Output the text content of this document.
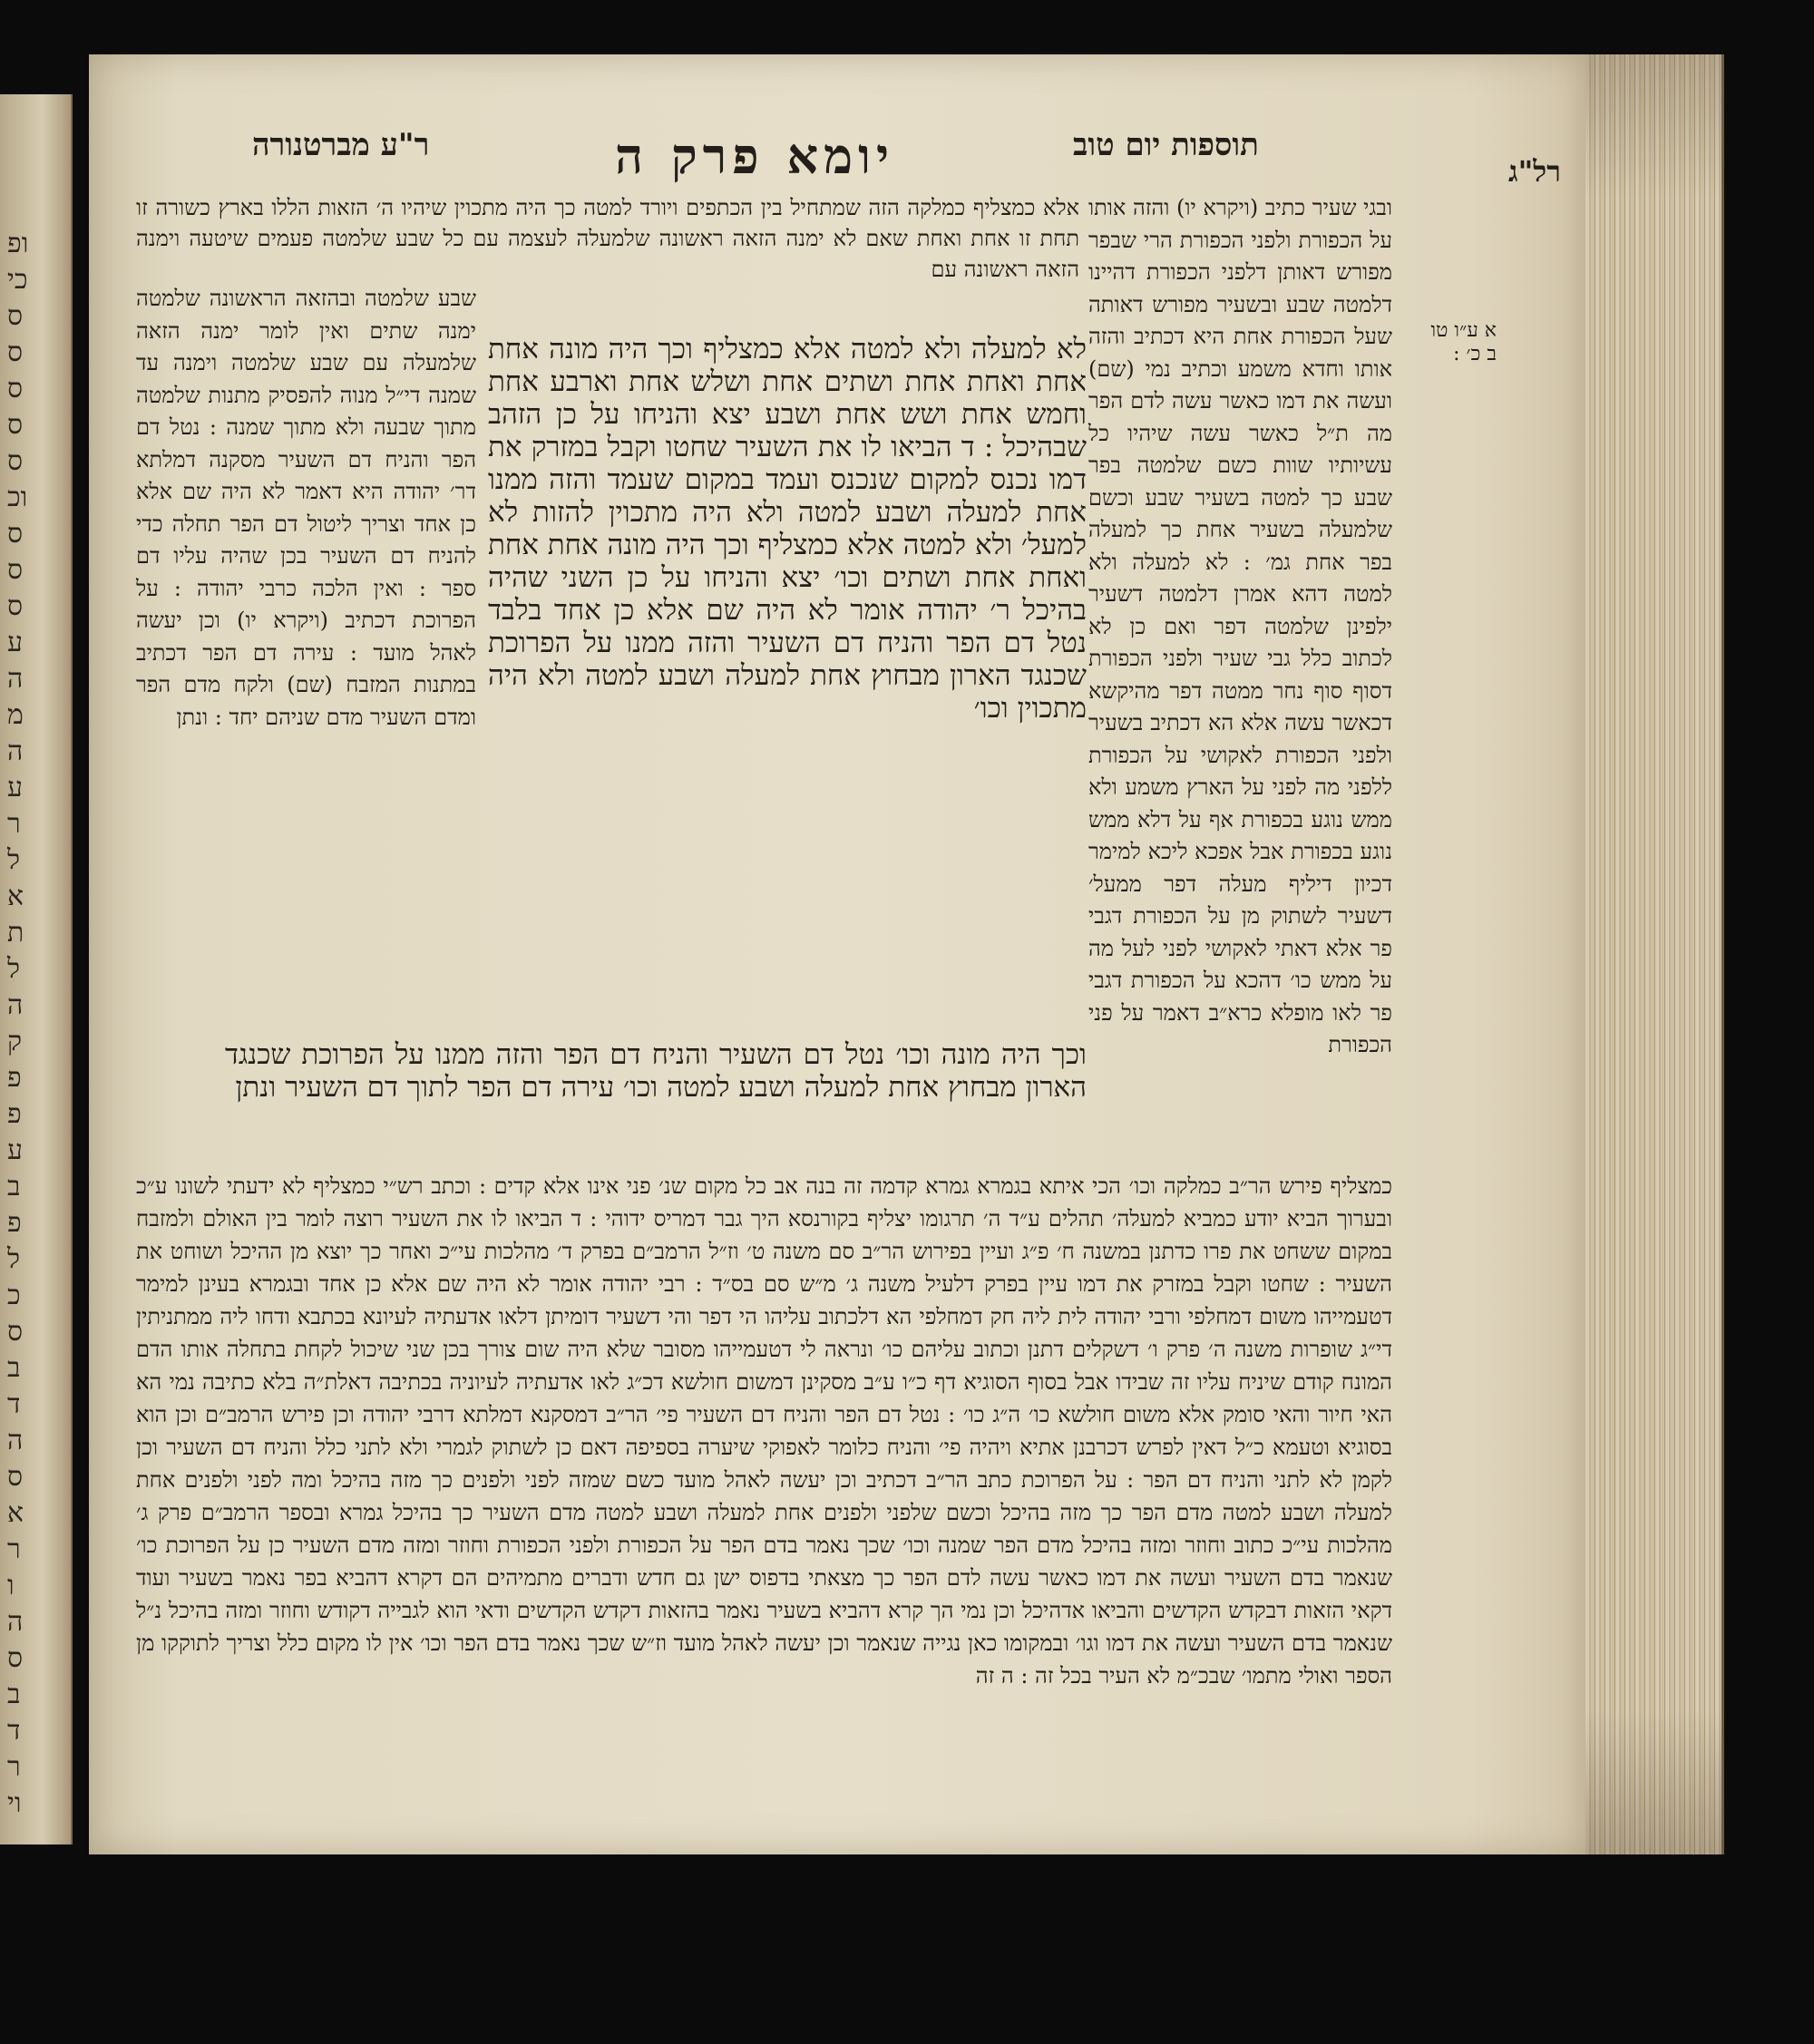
ופ
כי
ס
ס
ס
ס
ס
וכ
ס
ס
ס
ע
ה
מ
ה
ע
ר
ל
א
ת
ל
ה
ק
פ
פ
ע
ב
פ
ל
כ
ס
ב
ד
ה
ס
א
ר
ו
ה
ס
ב
ד
ר
וי
תוספות יום טוב
יומא פרק ה
ר"ע מברטנורה
רל"ג
א ע״ו טו ב כ׳ :

ובגי שעיר כתיב (ויקרא יו) והזה אותו על הכפורת ולפני הכפורת הרי שבפר מפורש דאותן דלפני הכפורת דהיינו דלמטה שבע ובשעיר מפורש דאותה שעל הכפורת אחת היא דכתיב והזה אותו וחדא משמע וכתיב נמי (שם) ועשה את דמו כאשר עשה לדם הפר מה ת״ל כאשר עשה שיהיו כל עשיותיו שוות כשם שלמטה בפר שבע כך למטה בשעיר שבע וכשם שלמעלה בשעיר אחת כך למעלה בפר אחת גמ׳ : לא למעלה ולא למטה דהא אמרן דלמטה דשעיר ילפינן שלמטה דפר ואם כן לא לכתוב כלל גבי שעיר ולפני הכפורת דסוף סוף נחר ממטה דפר מהיקשא דכאשר עשה אלא הא דכתיב בשעיר ולפני הכפורת לאקושי על הכפורת ללפני מה לפני על הארץ משמע ולא ממש נוגע בכפורת אף על דלא ממש נוגע בכפורת אבל אפכא ליכא למימר דכיון דיליף מעלה דפר ממעל׳ דשעיר לשתוק מן על הכפורת דגבי פר אלא דאתי לאקושי לפני לעל מה על ממש כו׳ דהכא על הכפורת דגבי פר לאו מופלא כרא״ב דאמר על פני הכפורת

אלא כמצליף כמלקה הזה שמתחיל בין הכתפים ויורד למטה כך היה מתכוין שיהיו ה׳ הזאות הללו בארץ כשורה זו תחת זו אחת ואחת שאם לא ימנה הזאה ראשונה שלמעלה לעצמה עם כל שבע שלמטה פעמים שיטעה וימנה הזאה ראשונה עם

שבע שלמטה ובהזאה הראשונה שלמטה ימנה שתים ואין לומר ימנה הזאה שלמעלה עם שבע שלמטה וימנה עד שמנה די״ל מנוה להפסיק מתנות שלמטה מתוך שבעה ולא מתוך שמנה : נטל דם הפר והניח דם השעיר מסקנה דמלתא דר׳ יהודה היא דאמר לא היה שם אלא כן אחד וצריך ליטול דם הפר תחלה כדי להניח דם השעיר בכן שהיה עליו דם ספר : ואין הלכה כרבי יהודה : על הפרוכת דכתיב (ויקרא יו) וכן יעשה לאהל מועד : עירה דם הפר דכתיב במתנות המזבח (שם) ולקח מדם הפר ומדם השעיר מדם שניהם יחד : ונתן

לא למעלה ולא למטה אלא כמצליף וכך היה מונה אחת אחת ואחת אחת ושתים אחת ושלש אחת וארבע אחת וחמש אחת ושש אחת ושבע יצא והניחו על כן הזהב שבהיכל : ד הביאו לו את השעיר שחטו וקבל במזרק את דמו נכנס למקום שנכנס ועמד במקום שעמד והזה ממנו אחת למעלה ושבע למטה ולא היה מתכוין להזות לא למעל׳ ולא למטה אלא כמצליף וכך היה מונה אחת אחת ואחת אחת ושתים וכו׳ יצא והניחו על כן השני שהיה בהיכל ר׳ יהודה אומר לא היה שם אלא כן אחד בלבד נטל דם הפר והניח דם השעיר והזה ממנו על הפרוכת שכנגד הארון מבחוץ אחת למעלה ושבע למטה ולא היה מתכוין וכו׳

וכך היה מונה וכו׳ נטל דם השעיר והניח דם הפר והזה ממנו על הפרוכת שכנגד הארון מבחוץ אחת למעלה ושבע למטה וכו׳ עירה דם הפר לתוך דם השעיר ונתן

כמצליף פירש הר״ב כמלקה וכו׳ הכי איתא בגמרא גמרא קדמה זה בנה אב כל מקום שנ׳ פני אינו אלא קדים : וכתב רש״י כמצליף לא ידעתי לשונו ע״כ ובערוך הביא יודע כמביא למעלה׳ תהלים ע״ד ה׳ תרגומו יצליף בקורנסא היך גבר דמריס ידוהי : ד הביאו לו את השעיר רוצה לומר בין האולם ולמזבח במקום ששחט את פרו כדתנן במשנה ח׳ פ״ג ועיין בפירוש הר״ב סם משנה ט׳ וז״ל הרמב״ם בפרק ד׳ מהלכות עי״כ ואחר כך יוצא מן ההיכל ושוחט את השעיר : שחטו וקבל במזרק את דמו עיין בפרק דלעיל משנה ג׳ מ״ש סם בס״ד : רבי יהודה אומר לא היה שם אלא כן אחד ובגמרא בעינן למימר דטעמייהו משום דמחלפי ורבי יהודה לית ליה חק דמחלפי הא דלכתוב עליהו הי דפר והי דשעיר דומיתן דלאו אדעתיה לעיונא בכתבא ודחו ליה ממתניתין די״ג שופרות משנה ה׳ פרק ו׳ דשקלים דתנן וכתוב עליהם כו׳ ונראה לי דטעמייהו מסובר שלא היה שום צורך בכן שני שיכול לקחת בתחלה אותו הדם המונח קודם שיניח עליו זה שבידו אבל בסוף הסוגיא דף כ״ו ע״ב מסקינן דמשום חולשא דכ״ג לאו אדעתיה לעיוניה בכתיבה דאלת״ה בלא כתיבה נמי הא האי חיור והאי סומק אלא משום חולשא כו׳ ה״ג כו׳ : נטל דם הפר והניח דם השעיר פי׳ הר״ב דמסקנא דמלתא דרבי יהודה וכן פירש הרמב״ם וכן הוא בסוגיא וטעמא כ״ל דאין לפרש דכרבנן אתיא ויהיה פי׳ והניח כלומר לאפוקי שיערה בספיפה דאם כן לשתוק לגמרי ולא לתני כלל והניח דם השעיר וכן לקמן לא לתני והניח דם הפר : על הפרוכת כתב הר״ב דכתיב וכן יעשה לאהל מועד כשם שמזה לפני ולפנים כך מזה בהיכל ומה לפני ולפנים אחת למעלה ושבע למטה מדם הפר כך מזה בהיכל וכשם שלפני ולפנים אחת למעלה ושבע למטה מדם השעיר כך בהיכל גמרא ובספר הרמב״ם פרק ג׳ מהלכות עי״כ כתוב וחוזר ומזה בהיכל מדם הפר שמנה וכו׳ שכך נאמר בדם הפר על הכפורת ולפני הכפורת וחוזר ומזה מדם השעיר כן על הפרוכת כו׳ שנאמר בדם השעיר ועשה את דמו כאשר עשה לדם הפר כך מצאתי בדפוס ישן גם חדש ודברים מתמיהים הם דקרא דהביא בפר נאמר בשעיר ועוד דקאי הזאות דבקדש הקדשים והביאו אדהיכל וכן נמי הך קרא דהביא בשעיר נאמר בהזאות דקדש הקדשים ודאי הוא לגבייה דקודש וחוזר ומזה בהיכל נ״ל שנאמר בדם השעיר ועשה את דמו וגו׳ ובמקומו כאן נגייה שנאמר וכן יעשה לאהל מועד וז״ש שכך נאמר בדם הפר וכו׳ אין לו מקום כלל וצריך לתוקקו מן הספר ואולי מתמו׳ שבכ״מ לא העיר בכל זה : ה זה
